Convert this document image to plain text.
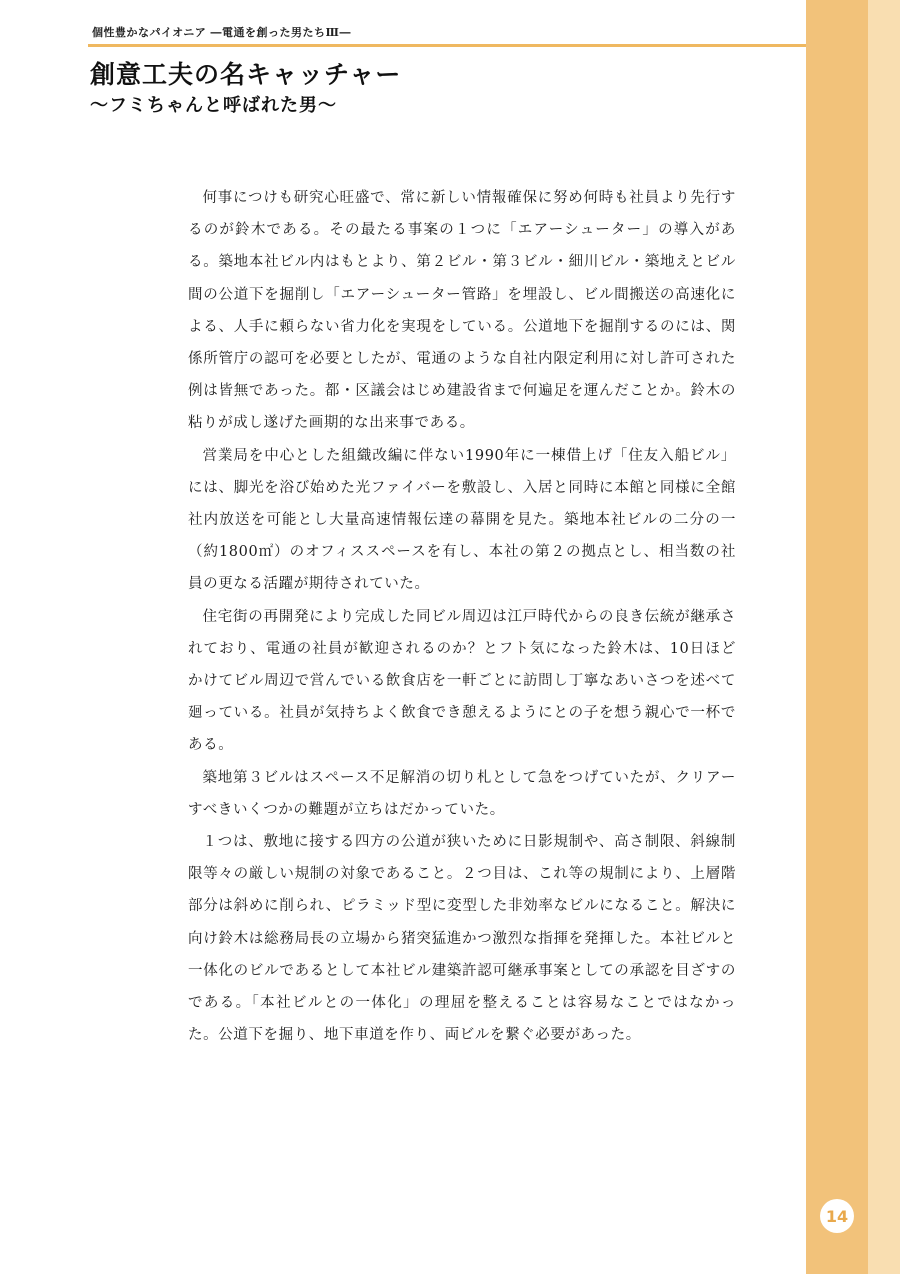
個性豊かなパイオニア ―電通を創った男たちⅢ―
創意工夫の名キャッチャー
〜フミちゃんと呼ばれた男〜

何事につけも研究心旺盛で、常に新しい情報確保に努め何時も社員より先行するのが鈴木である。その最たる事案の１つに「エアーシューター」の導入がある。築地本社ビル内はもとより、第２ビル・第３ビル・細川ビル・築地えとビル間の公道下を掘削し「エアーシューター管路」を埋設し、ビル間搬送の高速化による、人手に頼らない省力化を実現をしている。公道地下を掘削するのには、関係所管庁の認可を必要としたが、電通のような自社内限定利用に対し許可された例は皆無であった。都・区議会はじめ建設省まで何遍足を運んだことか。鈴木の粘りが成し遂げた画期的な出来事である。

営業局を中心とした組織改編に伴ない1990年に一棟借上げ「住友入船ビル」には、脚光を浴び始めた光ファイバーを敷設し、入居と同時に本館と同様に全館社内放送を可能とし大量高速情報伝達の幕開を見た。築地本社ビルの二分の一（約1800㎡）のオフィススペースを有し、本社の第２の拠点とし、相当数の社員の更なる活躍が期待されていた。

住宅街の再開発により完成した同ビル周辺は江戸時代からの良き伝統が継承されており、電通の社員が歓迎されるのか？とフト気になった鈴木は、10日ほどかけてビル周辺で営んでいる飲食店を一軒ごとに訪問し丁寧なあいさつを述べて廻っている。社員が気持ちよく飲食でき憩えるようにとの子を想う親心で一杯である。

築地第３ビルはスペース不足解消の切り札として急をつげていたが、クリアーすべきいくつかの難題が立ちはだかっていた。

１つは、敷地に接する四方の公道が狭いために日影規制や、高さ制限、斜線制限等々の厳しい規制の対象であること。２つ目は、これ等の規制により、上層階部分は斜めに削られ、ピラミッド型に変型した非効率なビルになること。解決に向け鈴木は総務局長の立場から猪突猛進かつ激烈な指揮を発揮した。本社ビルと一体化のビルであるとして本社ビル建築許認可継承事案としての承認を目ざすのである。「本社ビルとの一体化」の理屈を整えることは容易なことではなかった。公道下を掘り、地下車道を作り、両ビルを繋ぐ必要があった。

14
